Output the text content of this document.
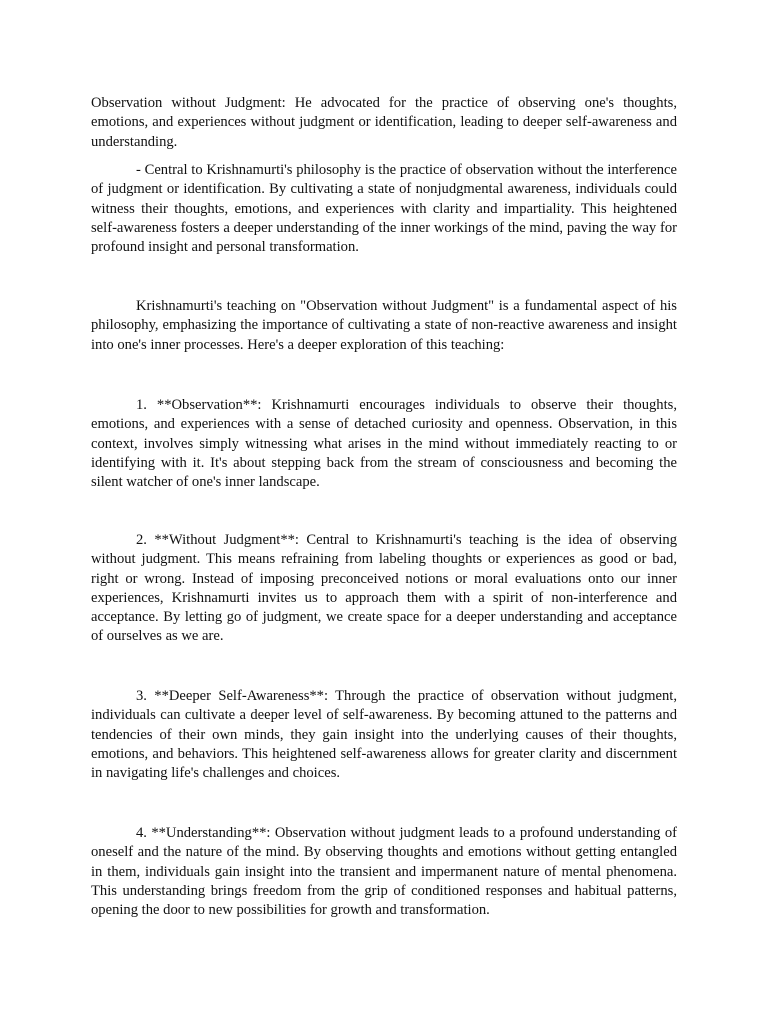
Observation without Judgment: He advocated for the practice of observing one's thoughts, emotions, and experiences without judgment or identification, leading to deeper self-awareness and understanding.

- Central to Krishnamurti's philosophy is the practice of observation without the interference of judgment or identification. By cultivating a state of nonjudgmental awareness, individuals could witness their thoughts, emotions, and experiences with clarity and impartiality. This heightened self-awareness fosters a deeper understanding of the inner workings of the mind, paving the way for profound insight and personal transformation.

Krishnamurti's teaching on "Observation without Judgment" is a fundamental aspect of his philosophy, emphasizing the importance of cultivating a state of non-reactive awareness and insight into one's inner processes. Here's a deeper exploration of this teaching:

1. **Observation**: Krishnamurti encourages individuals to observe their thoughts, emotions, and experiences with a sense of detached curiosity and openness. Observation, in this context, involves simply witnessing what arises in the mind without immediately reacting to or identifying with it. It's about stepping back from the stream of consciousness and becoming the silent watcher of one's inner landscape.

2. **Without Judgment**: Central to Krishnamurti's teaching is the idea of observing without judgment. This means refraining from labeling thoughts or experiences as good or bad, right or wrong. Instead of imposing preconceived notions or moral evaluations onto our inner experiences, Krishnamurti invites us to approach them with a spirit of non-interference and acceptance. By letting go of judgment, we create space for a deeper understanding and acceptance of ourselves as we are.

3. **Deeper Self-Awareness**: Through the practice of observation without judgment, individuals can cultivate a deeper level of self-awareness. By becoming attuned to the patterns and tendencies of their own minds, they gain insight into the underlying causes of their thoughts, emotions, and behaviors. This heightened self-awareness allows for greater clarity and discernment in navigating life's challenges and choices.

4. **Understanding**: Observation without judgment leads to a profound understanding of oneself and the nature of the mind. By observing thoughts and emotions without getting entangled in them, individuals gain insight into the transient and impermanent nature of mental phenomena. This understanding brings freedom from the grip of conditioned responses and habitual patterns, opening the door to new possibilities for growth and transformation.
